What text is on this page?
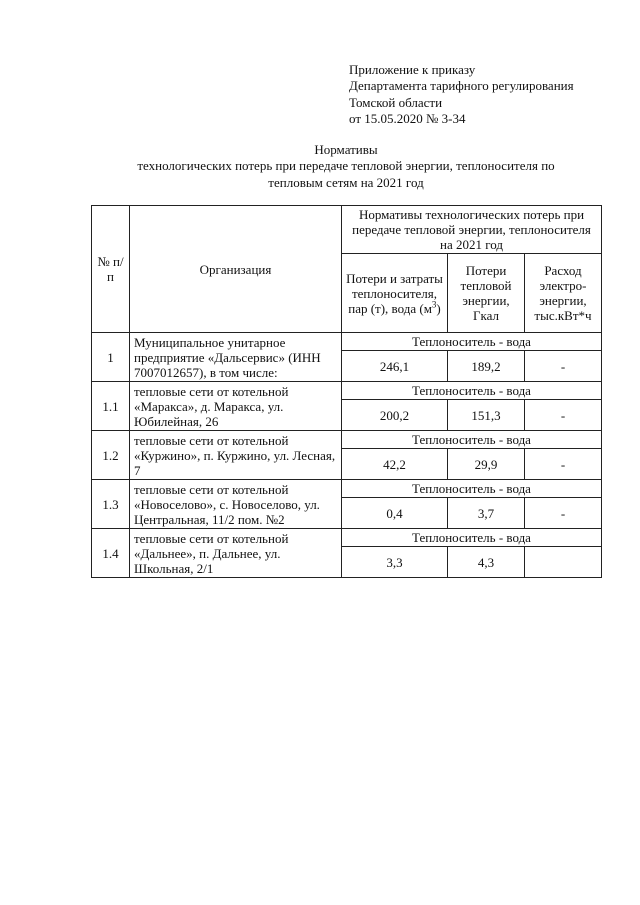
Приложение к приказу
Департамента тарифного регулирования
Томской области
от 15.05.2020 № 3-34
Нормативы
технологических потерь при передаче тепловой энергии, теплоносителя по
тепловым сетям на 2021 год
№ п/п	Организация	Нормативы технологических потерь при передаче тепловой энергии, теплоносителя на 2021 год		
		Потери и затраты теплоносителя, пар (т), вода $(м^3)$	Потери тепловой энергии, Гкал	Расход электро-энергии, тыс.кВт*ч
1	Муниципальное унитарное предприятие «Дальсервис» (ИНН 7007012657), в том числе:	Теплоноситель - вода		
		246,1	189,2	-
1.1	тепловые сети от котельной «Маракса», д. Маракса, ул. Юбилейная, 26	Теплоноситель - вода		
		200,2	151,3	-
1.2	тепловые сети от котельной «Куржино», п. Куржино, ул. Лесная, 7	Теплоноситель - вода		
		42,2	29,9	-
1.3	тепловые сети от котельной «Новоселово», с. Новоселово, ул. Центральная, 11/2 пом. №2	Теплоноситель - вода		
		0,4	3,7	-
1.4	тепловые сети от котельной «Дальнее», п. Дальнее, ул. Школьная, 2/1	Теплоноситель - вода		
		3,3	4,3	
